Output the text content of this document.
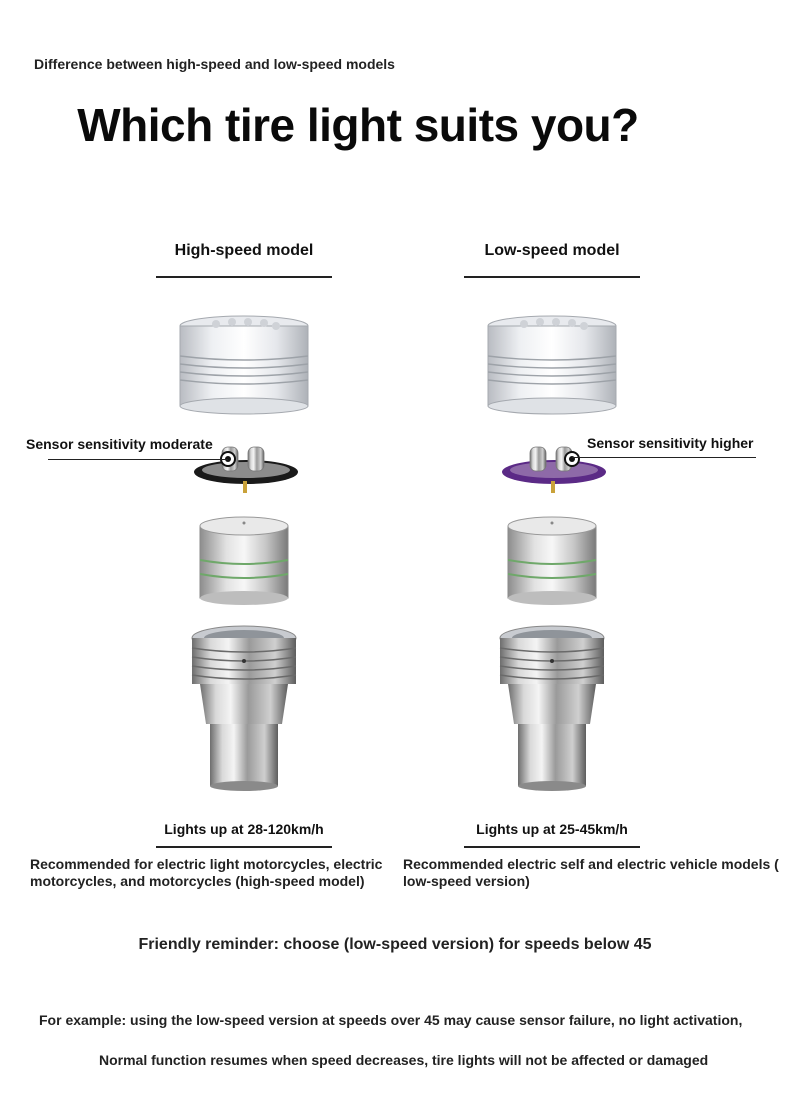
Difference between high-speed and low-speed models
Which tire light suits you?
High-speed model
Sensor sensitivity moderate
Lights up at 28-120km/h
Recommended for electric light motorcycles, electric motorcycles, and motorcycles (high-speed model)
Low-speed model
Sensor sensitivity higher
Lights up at 25-45km/h
Recommended electric self and electric vehicle models ( low-speed version)
Friendly reminder: choose (low-speed version) for speeds below 45
For example: using the low-speed version at speeds over 45 may cause sensor failure, no light activation,
Normal function resumes when speed decreases, tire lights will not be affected or damaged
